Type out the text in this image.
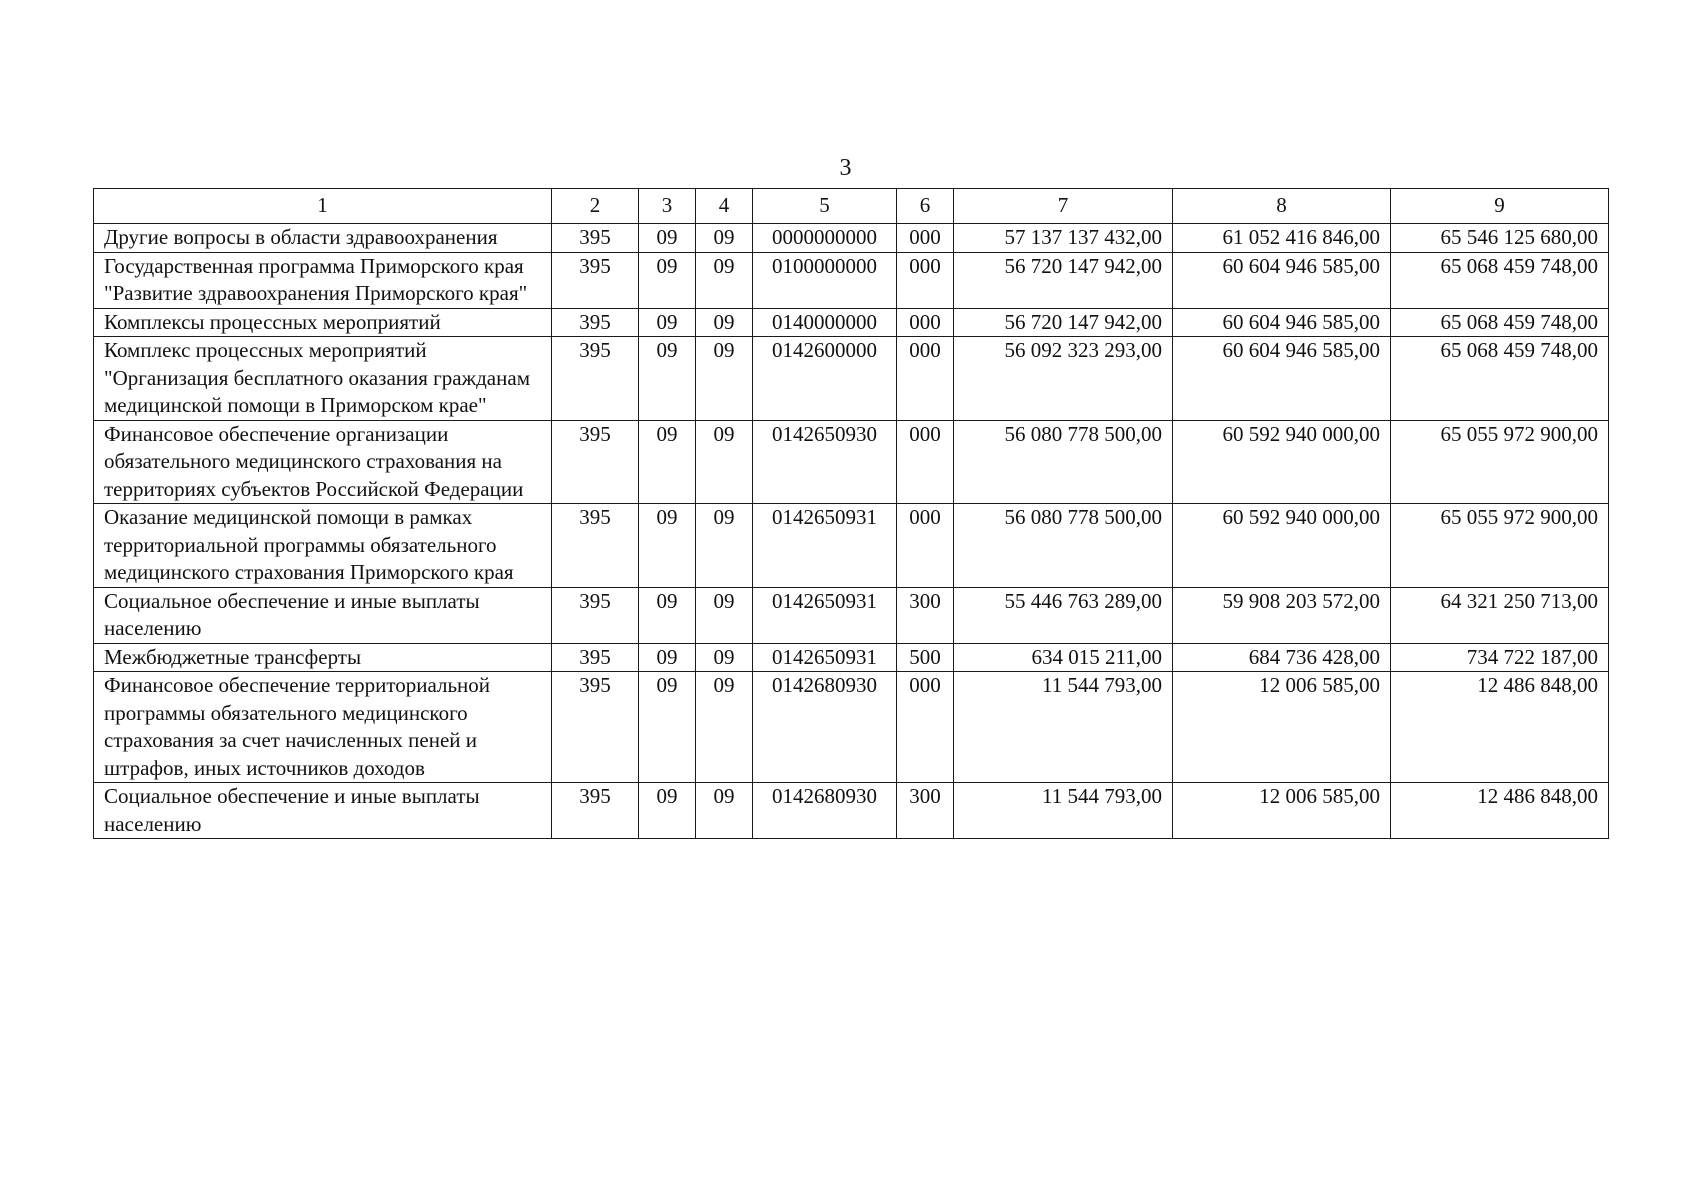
3
1	2	3	4	5	6	7	8	9
Другие вопросы в области здравоохранения	395	09	09	0000000000	000	57 137 137 432,00	61 052 416 846,00	65 546 125 680,00
Государственная программа Приморского края "Развитие здравоохранения Приморского края"	395	09	09	0100000000	000	56 720 147 942,00	60 604 946 585,00	65 068 459 748,00
Комплексы процессных мероприятий	395	09	09	0140000000	000	56 720 147 942,00	60 604 946 585,00	65 068 459 748,00
Комплекс процессных мероприятий "Организация бесплатного оказания гражданам медицинской помощи в Приморском крае"	395	09	09	0142600000	000	56 092 323 293,00	60 604 946 585,00	65 068 459 748,00
Финансовое обеспечение организации обязательного медицинского страхования на территориях субъектов Российской Федерации	395	09	09	0142650930	000	56 080 778 500,00	60 592 940 000,00	65 055 972 900,00
Оказание медицинской помощи в рамках территориальной программы обязательного медицинского страхования Приморского края	395	09	09	0142650931	000	56 080 778 500,00	60 592 940 000,00	65 055 972 900,00
Социальное обеспечение и иные выплаты населению	395	09	09	0142650931	300	55 446 763 289,00	59 908 203 572,00	64 321 250 713,00
Межбюджетные трансферты	395	09	09	0142650931	500	634 015 211,00	684 736 428,00	734 722 187,00
Финансовое обеспечение территориальной программы обязательного медицинского страхования за счет начисленных пеней и штрафов, иных источников доходов	395	09	09	0142680930	000	11 544 793,00	12 006 585,00	12 486 848,00
Социальное обеспечение и иные выплаты населению	395	09	09	0142680930	300	11 544 793,00	12 006 585,00	12 486 848,00
